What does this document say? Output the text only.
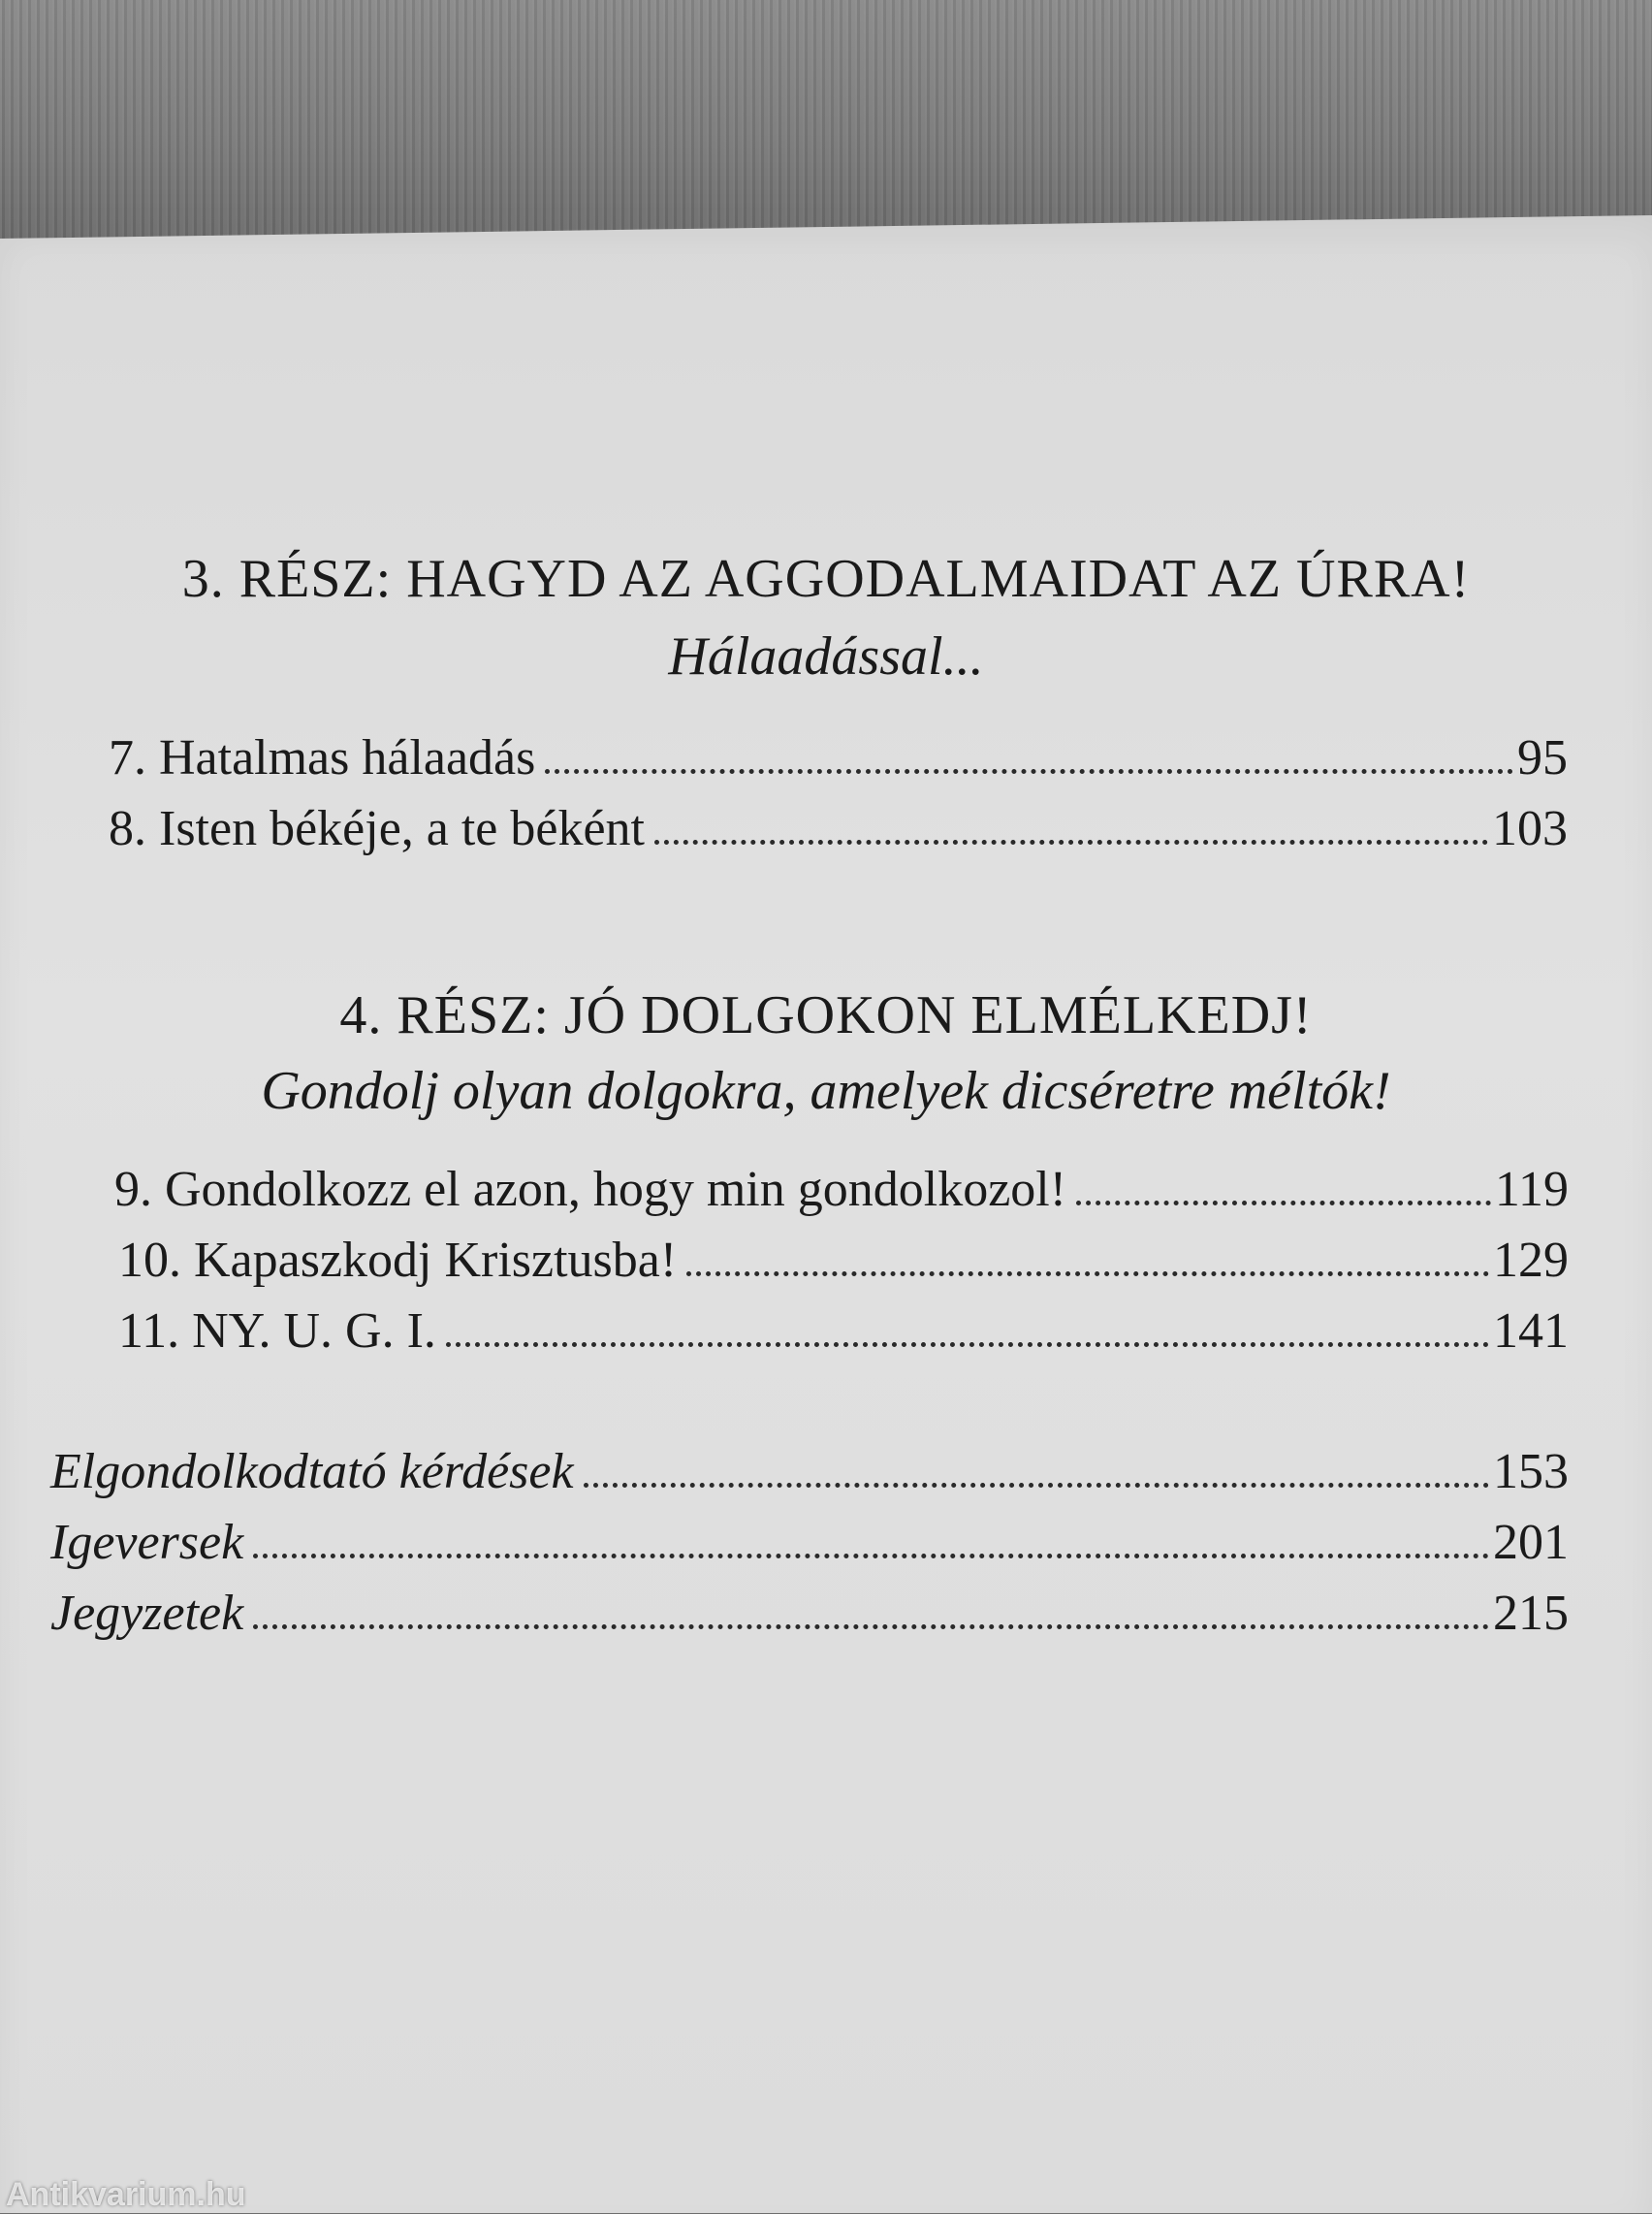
3. RÉSZ: HAGYD AZ AGGODALMAIDAT AZ ÚRRA!
Hálaadással...
7. Hatalmas hálaadás	95
8. Isten békéje, a te béként	103
4. RÉSZ: JÓ DOLGOKON ELMÉLKEDJ!
Gondolj olyan dolgokra, amelyek dicséretre méltók!
9. Gondolkozz el azon, hogy min gondolkozol!	119
10. Kapaszkodj Krisztusba!	129
11. NY. U. G. I.	141
Elgondolkodtató kérdések	153
Igeversek	201
Jegyzetek	215
Antikvarium.hu
